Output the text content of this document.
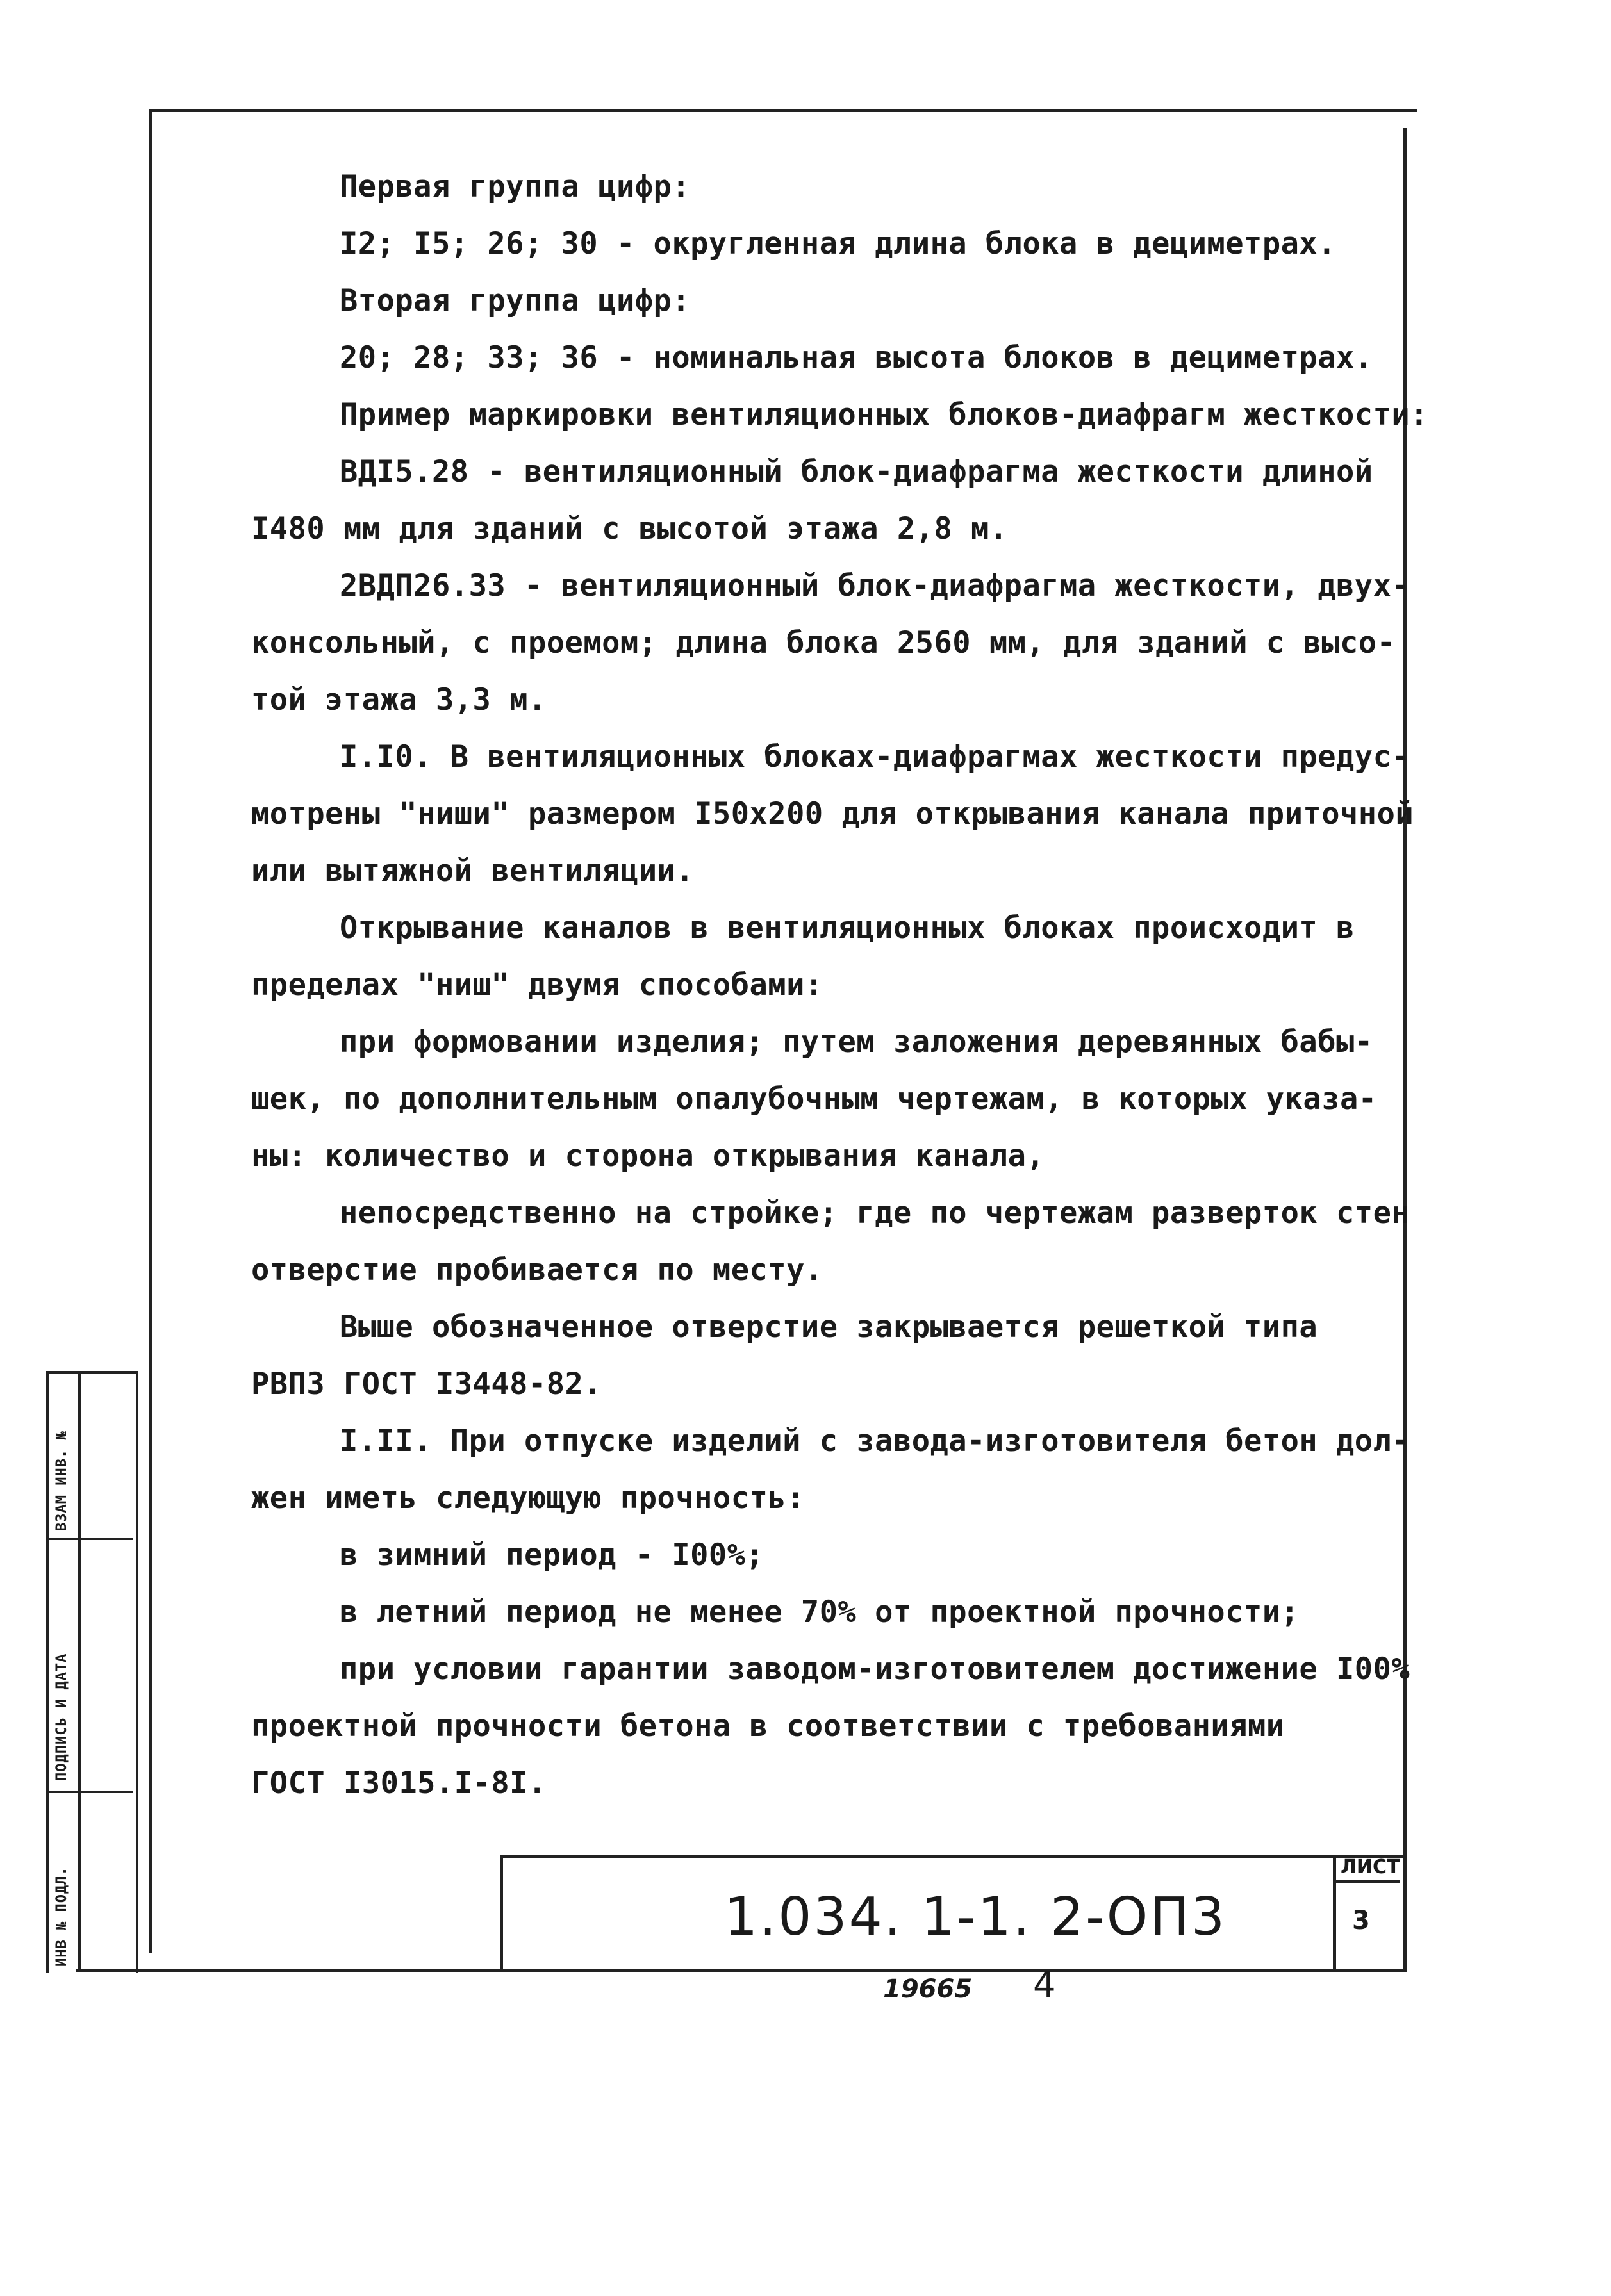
Первая группа цифр:
I2; I5; 26; 30 - округленная длина блока в дециметрах.
Вторая группа цифр:
20; 28; 33; 36 - номинальная высота блоков в дециметрах.
Пример маркировки вентиляционных блоков-диафрагм жесткости:
ВДI5.28 - вентиляционный блок-диафрагма жесткости длиной
I480 мм для зданий с высотой этажа 2,8 м.
2ВДП26.33 - вентиляционный блок-диафрагма жесткости, двух-
консольный, с проемом; длина блока 2560 мм, для зданий с высо-
той этажа 3,3 м.
I.I0. В вентиляционных блоках-диафрагмах жесткости предус-
мотрены "ниши" размером I50x200 для открывания канала приточной
или вытяжной вентиляции.
Открывание каналов в вентиляционных блоках происходит в
пределах "ниш" двумя способами:
при формовании изделия; путем заложения деревянных бабы-
шек, по дополнительным опалубочным чертежам, в которых указа-
ны: количество и сторона открывания канала,
непосредственно на стройке; где по чертежам разверток стен
отверстие пробивается по месту.
Выше обозначенное отверстие закрывается решеткой типа
РВП3 ГОСТ I3448-82.
I.II. При отпуске изделий с завода-изготовителя бетон дол-
жен иметь следующую прочность:
в зимний период - I00%;
в летний период не менее 70% от проектной прочности;
при условии гарантии заводом-изготовителем достижение I00%
проектной прочности бетона в соответствии с требованиями
ГОСТ I3015.I-8I.
ИНВ № ПОДЛ.
ПОДПИСЬ И ДАТА
ВЗАМ ИНВ. №
1.034. 1-1. 2-ОП3
ЛИСТ
3
19665 4
